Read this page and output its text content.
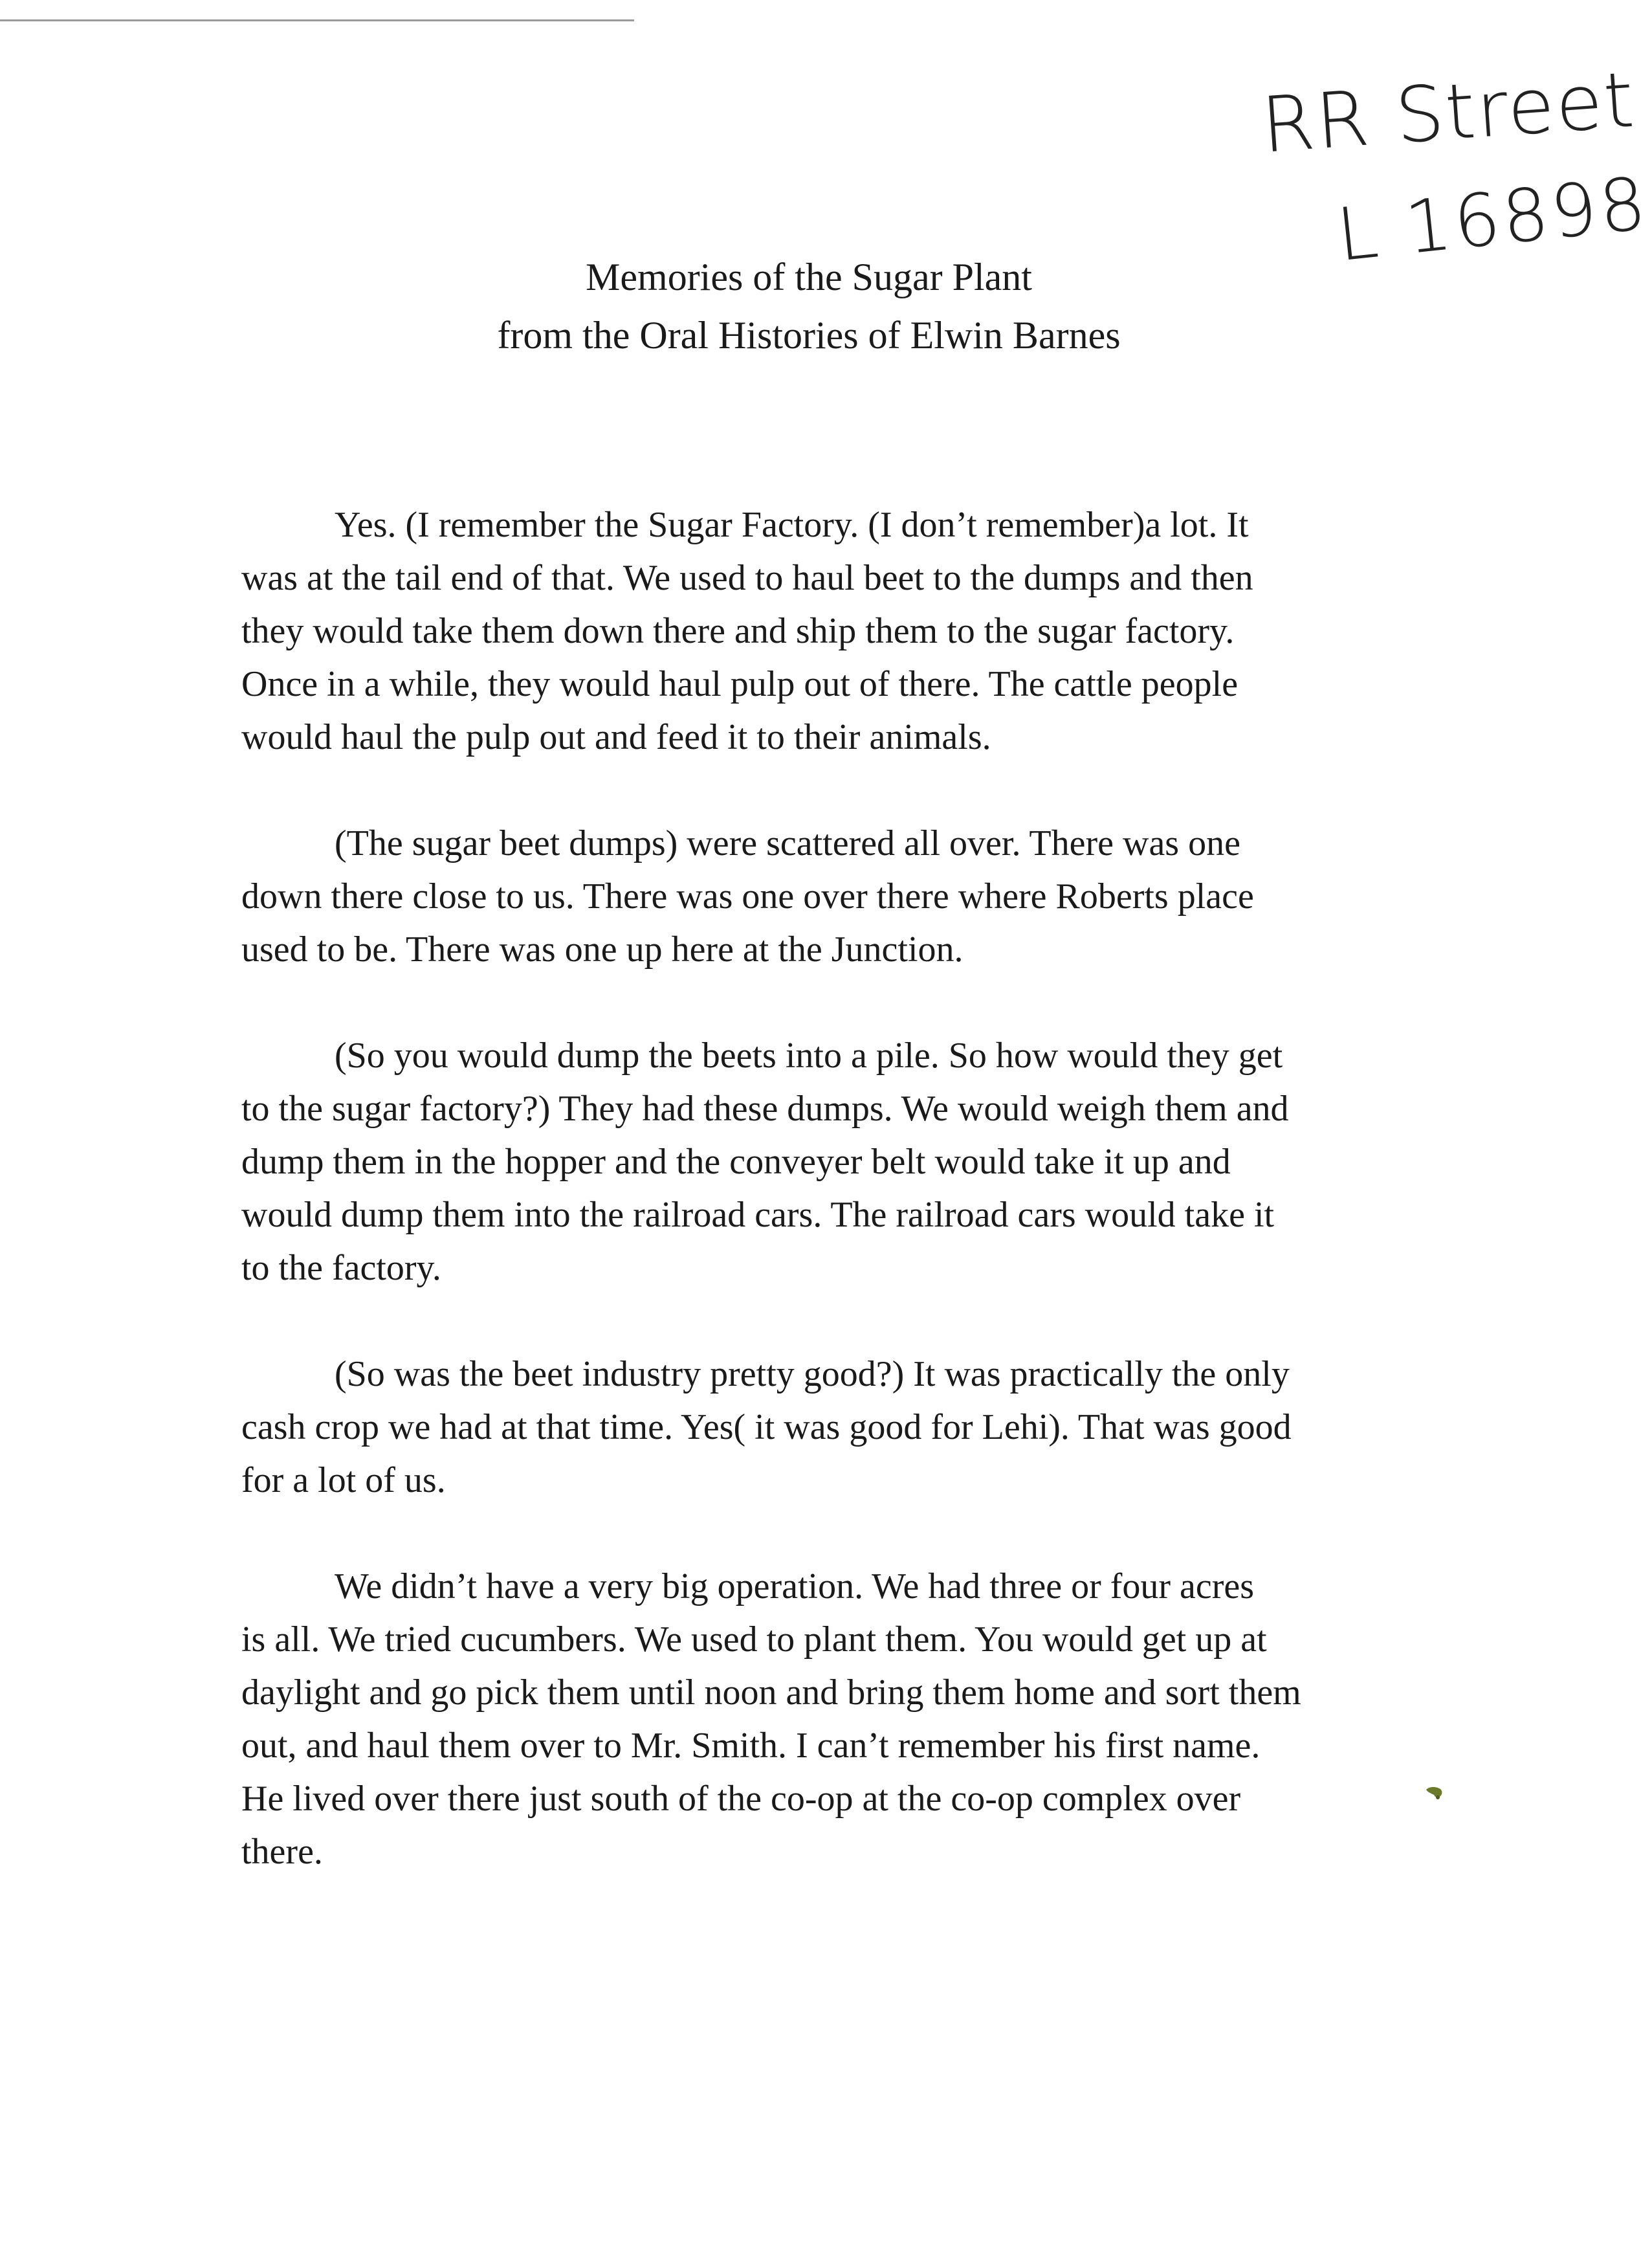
RR Street
L 16898
Memories of the Sugar Plant
from the Oral Histories of Elwin Barnes
Yes. (I remember the Sugar Factory. (I don’t remember)a lot. It
was at the tail end of that. We used to haul beet to the dumps and then
they would take them down there and ship them to the sugar factory.
Once in a while, they would haul pulp out of there. The cattle people
would haul the pulp out and feed it to their animals.
(The sugar beet dumps) were scattered all over. There was one
down there close to us. There was one over there where Roberts place
used to be. There was one up here at the Junction.
(So you would dump the beets into a pile. So how would they get
to the sugar factory?) They had these dumps. We would weigh them and
dump them in the hopper and the conveyer belt would take it up and
would dump them into the railroad cars. The railroad cars would take it
to the factory.
(So was the beet industry pretty good?) It was practically the only
cash crop we had at that time. Yes( it was good for Lehi). That was good
for a lot of us.
We didn’t have a very big operation. We had three or four acres
is all. We tried cucumbers. We used to plant them. You would get up at
daylight and go pick them until noon and bring them home and sort them
out, and haul them over to Mr. Smith. I can’t remember his first name.
He lived over there just south of the co-op at the co-op complex over
there.
